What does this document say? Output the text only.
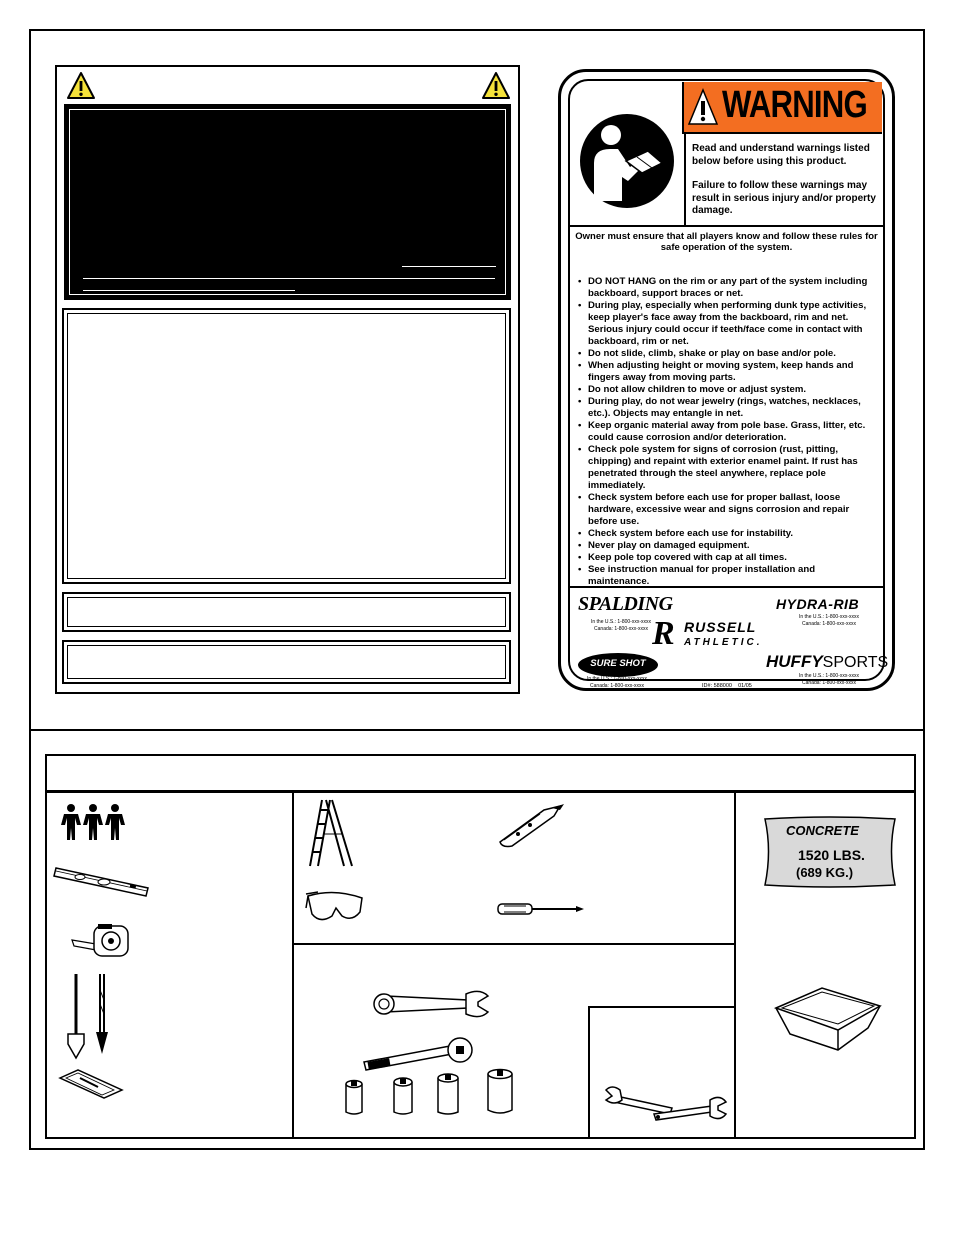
WARNING
Read and understand warnings listed below before using this product.
Failure to follow these warnings may result in serious injury and/or property damage.
Owner must ensure that all players know and follow these rules for safe operation of the system.
• DO NOT HANG on the rim or any part of the system including backboard, support braces or net.
• During play, especially when performing dunk type activities, keep player's face away from the backboard, rim and net. Serious injury could occur if teeth/face come in contact with backboard, rim or net.
• Do not slide, climb, shake or play on base and/or pole.
• When adjusting height or moving system, keep hands and fingers away from moving parts.
• Do not allow children to move or adjust system.
• During play, do not wear jewelry (rings, watches, necklaces, etc.). Objects may entangle in net.
• Keep organic material away from pole base. Grass, litter, etc. could cause corrosion and/or deterioration.
• Check pole system for signs of corrosion (rust, pitting, chipping) and repaint with exterior enamel paint. If rust has penetrated through the steel anywhere, replace pole immediately.
• Check system before each use for proper ballast, loose hardware, excessive wear and signs corrosion and repair before use.
• Check system before each use for instability.
• Never play on damaged equipment.
• Keep pole top covered with cap at all times.
• See instruction manual for proper installation and maintenance.
SPALDING
In the U.S.: 1-800-xxx-xxxx
Canada: 1-800-xxx-xxxx
HYDRA-RIB
In the U.S.: 1-800-xxx-xxxx
Canada: 1-800-xxx-xxxx
R RUSSELL
ATHLETIC.
SURE SHOT
In the U.S.: 1-800-xxx-xxxx
Canada: 1-800-xxx-xxxx
HUFFYSPORTS
In the U.S.: 1-800-xxx-xxxx
Canada: 1-800-xxx-xxxx
ID#: 588000    01/05
CONCRETE
1520 LBS.
(689 KG.)
